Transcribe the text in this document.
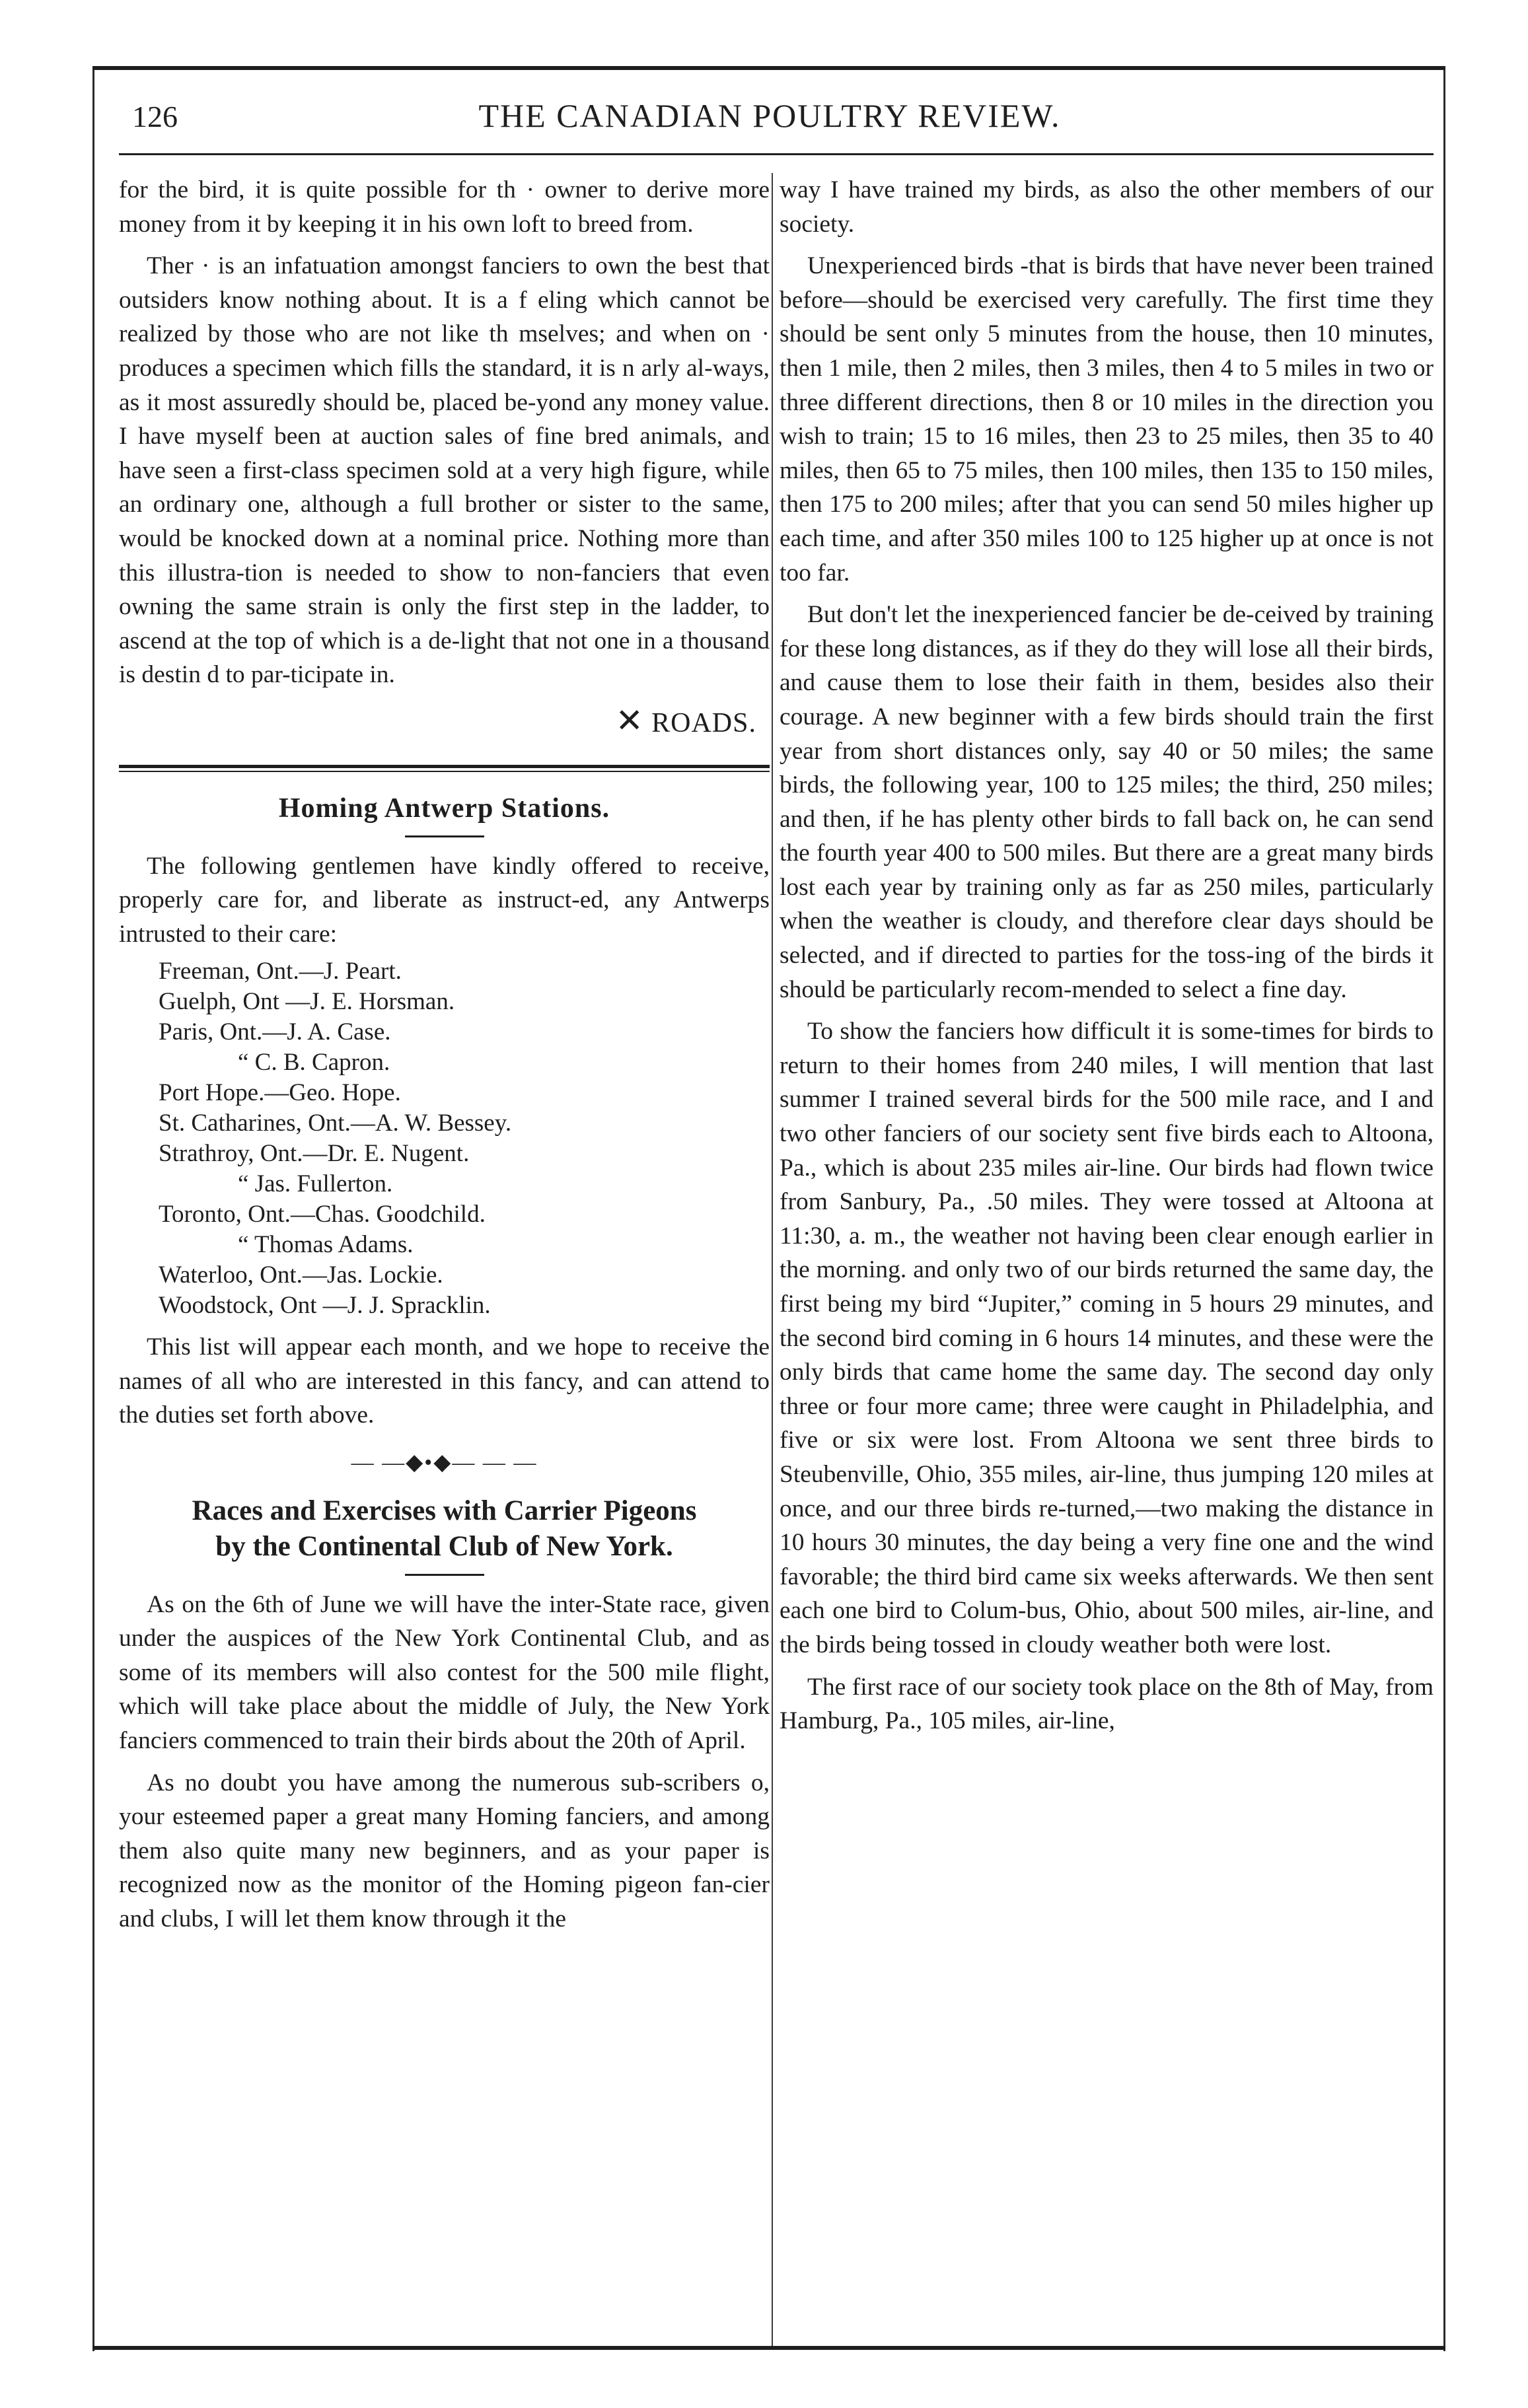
126	THE CANADIAN POULTRY REVIEW.

for the bird, it is quite possible for th · owner to derive more money from it by keeping it in his own loft to breed from.

Ther · is an infatuation amongst fanciers to own the best that outsiders know nothing about. It is a f eling which cannot be realized by those who are not like th mselves; and when on · produces a specimen which fills the standard, it is n arly al-ways, as it most assuredly should be, placed be-yond any money value. I have myself been at auction sales of fine bred animals, and have seen a first-class specimen sold at a very high figure, while an ordinary one, although a full brother or sister to the same, would be knocked down at a nominal price. Nothing more than this illustra-tion is needed to show to non-fanciers that even owning the same strain is only the first step in the ladder, to ascend at the top of which is a de-light that not one in a thousand is destin d to par-ticipate in.

✕ ROADS.
Homing Antwerp Stations.

The following gentlemen have kindly offered to receive, properly care for, and liberate as instruct-ed, any Antwerps intrusted to their care:

Freeman, Ont.—J. Peart.
Guelph, Ont —J. E. Horsman.
Paris, Ont.—J. A. Case.
“ C. B. Capron.
Port Hope.—Geo. Hope.
St. Catharines, Ont.—A. W. Bessey.
Strathroy, Ont.—Dr. E. Nugent.
“ Jas. Fullerton.
Toronto, Ont.—Chas. Goodchild.
“ Thomas Adams.
Waterloo, Ont.—Jas. Lockie.
Woodstock, Ont —J. J. Spracklin.

This list will appear each month, and we hope to receive the names of all who are interested in this fancy, and can attend to the duties set forth above.

— —◆•◆— — —
Races and Exercises with Carrier Pigeons
by the Continental Club of New York.

As on the 6th of June we will have the inter-State race, given under the auspices of the New York Continental Club, and as some of its members will also contest for the 500 mile flight, which will take place about the middle of July, the New York fanciers commenced to train their birds about the 20th of April.

As no doubt you have among the numerous sub-scribers o, your esteemed paper a great many Homing fanciers, and among them also quite many new beginners, and as your paper is recognized now as the monitor of the Homing pigeon fan-cier and clubs, I will let them know through it the

way I have trained my birds, as also the other members of our society.

Unexperienced birds -that is birds that have never been trained before—should be exercised very carefully. The first time they should be sent only 5 minutes from the house, then 10 minutes, then 1 mile, then 2 miles, then 3 miles, then 4 to 5 miles in two or three different directions, then 8 or 10 miles in the direction you wish to train; 15 to 16 miles, then 23 to 25 miles, then 35 to 40 miles, then 65 to 75 miles, then 100 miles, then 135 to 150 miles, then 175 to 200 miles; after that you can send 50 miles higher up each time, and after 350 miles 100 to 125 higher up at once is not too far.

But don't let the inexperienced fancier be de-ceived by training for these long distances, as if they do they will lose all their birds, and cause them to lose their faith in them, besides also their courage. A new beginner with a few birds should train the first year from short distances only, say 40 or 50 miles; the same birds, the following year, 100 to 125 miles; the third, 250 miles; and then, if he has plenty other birds to fall back on, he can send the fourth year 400 to 500 miles. But there are a great many birds lost each year by training only as far as 250 miles, particularly when the weather is cloudy, and therefore clear days should be selected, and if directed to parties for the toss-ing of the birds it should be particularly recom-mended to select a fine day.

To show the fanciers how difficult it is some-times for birds to return to their homes from 240 miles, I will mention that last summer I trained several birds for the 500 mile race, and I and two other fanciers of our society sent five birds each to Altoona, Pa., which is about 235 miles air-line. Our birds had flown twice from Sanbury, Pa., .50 miles. They were tossed at Altoona at 11:30, a. m., the weather not having been clear enough earlier in the morning. and only two of our birds returned the same day, the first being my bird “Jupiter,” coming in 5 hours 29 minutes, and the second bird coming in 6 hours 14 minutes, and these were the only birds that came home the same day. The second day only three or four more came; three were caught in Philadelphia, and five or six were lost. From Altoona we sent three birds to Steubenville, Ohio, 355 miles, air-line, thus jumping 120 miles at once, and our three birds re-turned,—two making the distance in 10 hours 30 minutes, the day being a very fine one and the wind favorable; the third bird came six weeks afterwards. We then sent each one bird to Colum-bus, Ohio, about 500 miles, air-line, and the birds being tossed in cloudy weather both were lost.

The first race of our society took place on the 8th of May, from Hamburg, Pa., 105 miles, air-line,
